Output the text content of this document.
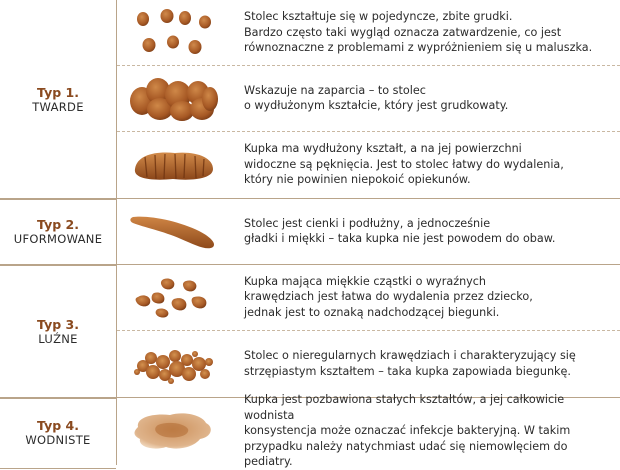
Typ 1.
TWARDE
Typ 2.
UFORMOWANE
Typ 3.
LUŹNE
Typ 4.
WODNISTE
Stolec kształtuje się w pojedyncze, zbite grudki.
Bardzo często taki wygląd oznacza zatwardzenie, co jest
równoznaczne z problemami z wypróżnieniem się u maluszka.
Wskazuje na zaparcia – to stolec
o wydłużonym kształcie, który jest grudkowaty.
Kupka ma wydłużony kształt, a na jej powierzchni
widoczne są pęknięcia. Jest to stolec łatwy do wydalenia,
który nie powinien niepokoić opiekunów.
Stolec jest cienki i podłużny, a jednocześnie
gładki i miękki – taka kupka nie jest powodem do obaw.
Kupka mająca miękkie cząstki o wyraźnych
krawędziach jest łatwa do wydalenia przez dziecko,
jednak jest to oznaką nadchodzącej biegunki.
Stolec o nieregularnych krawędziach i charakteryzujący się
strzępiastym kształtem – taka kupka zapowiada biegunkę.
Kupka jest pozbawiona stałych kształtów, a jej całkowicie wodnista
konsystencja może oznaczać infekcje bakteryjną. W takim
przypadku należy natychmiast udać się niemowlęciem do pediatry.
